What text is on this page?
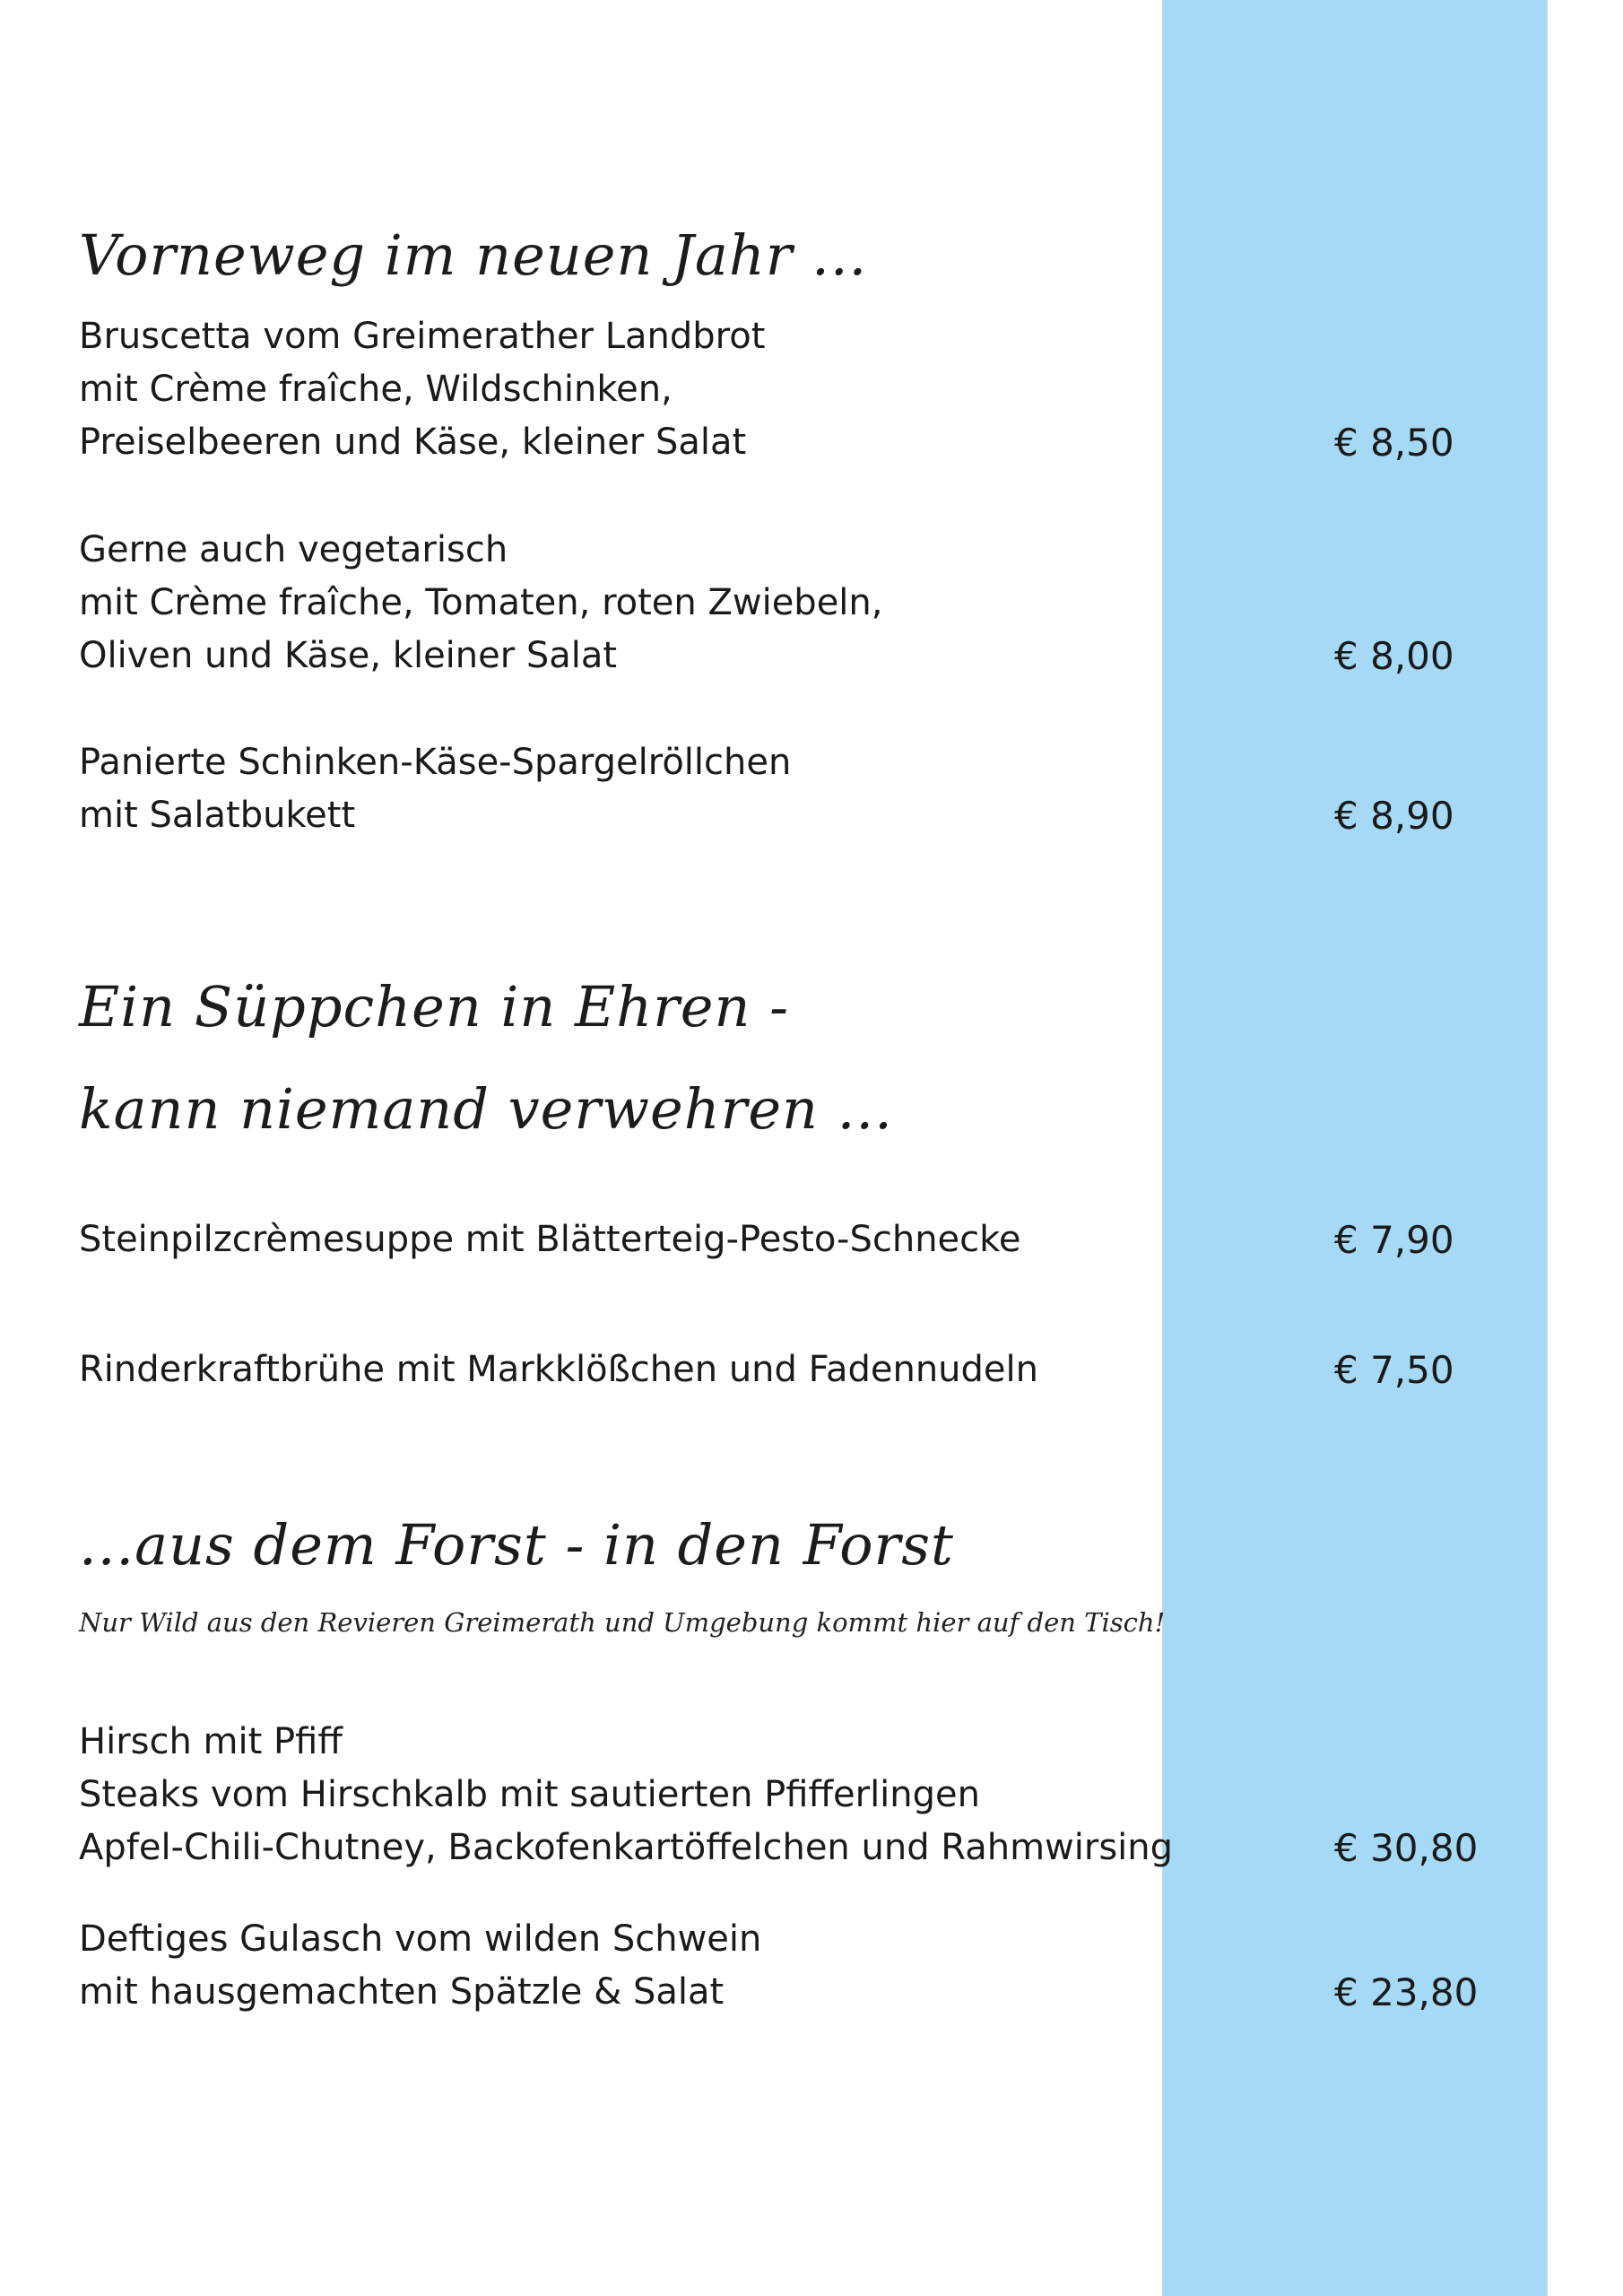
Vorneweg im neuen Jahr ...
Bruscetta vom Greimerather Landbrot
mit Crème fraîche, Wildschinken,
Preiselbeeren und Käse, kleiner Salat	€ 8,50
Gerne auch vegetarisch
mit Crème fraîche, Tomaten, roten Zwiebeln,
Oliven und Käse, kleiner Salat	€ 8,00
Panierte Schinken-Käse-Spargelröllchen
mit Salatbukett	€ 8,90
Ein Süppchen in Ehren -
kann niemand verwehren ...
Steinpilzcrèmesuppe mit Blätterteig-Pesto-Schnecke	€ 7,90
Rinderkraftbrühe mit Markklößchen und Fadennudeln	€ 7,50
...aus dem Forst - in den Forst

Nur Wild aus den Revieren Greimerath und Umgebung kommt hier auf den Tisch!

Hirsch mit Pfiff
Steaks vom Hirschkalb mit sautierten Pfifferlingen
Apfel-Chili-Chutney, Backofenkartöffelchen und Rahmwirsing	€ 30,80
Deftiges Gulasch vom wilden Schwein
mit hausgemachten Spätzle & Salat	€ 23,80
